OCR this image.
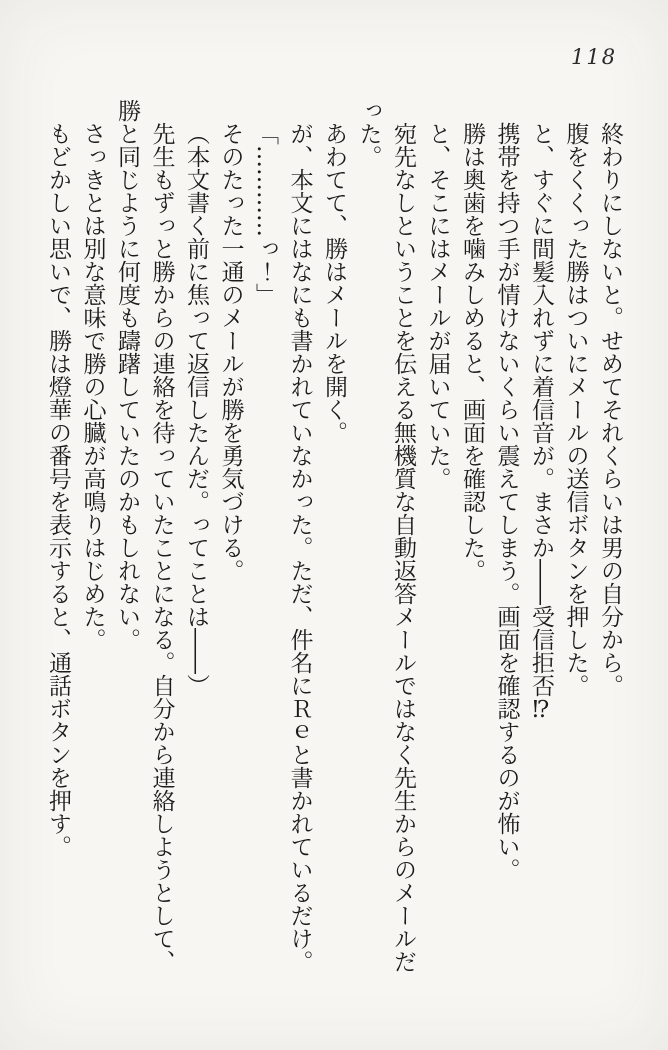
118

終わりにしないと。せめてそれくらいは男の自分から。

腹をくくった勝はついにメールの送信ボタンを押した。

と、すぐに間髪入れずに着信音が。まさか――受信拒否⁉

携帯を持つ手が情けないくらい震えてしまう。画面を確認するのが怖い。

勝は奥歯を噛みしめると、画面を確認した。

と、そこにはメールが届いていた。

宛先なしということを伝える無機質な自動返答メールではなく先生からのメールだった。

あわてて、勝はメールを開く。

が、本文にはなにも書かれていなかった。ただ、件名にＲｅと書かれているだけ。

「…………っ！」

そのたった一通のメールが勝を勇気づける。

（本文書く前に焦って返信したんだ。ってことは――）

先生もずっと勝からの連絡を待っていたことになる。自分から連絡しようとして、勝と同じように何度も躊躇していたのかもしれない。

さっきとは別な意味で勝の心臓が高鳴りはじめた。

もどかしい思いで、勝は燈華の番号を表示すると、通話ボタンを押す。
